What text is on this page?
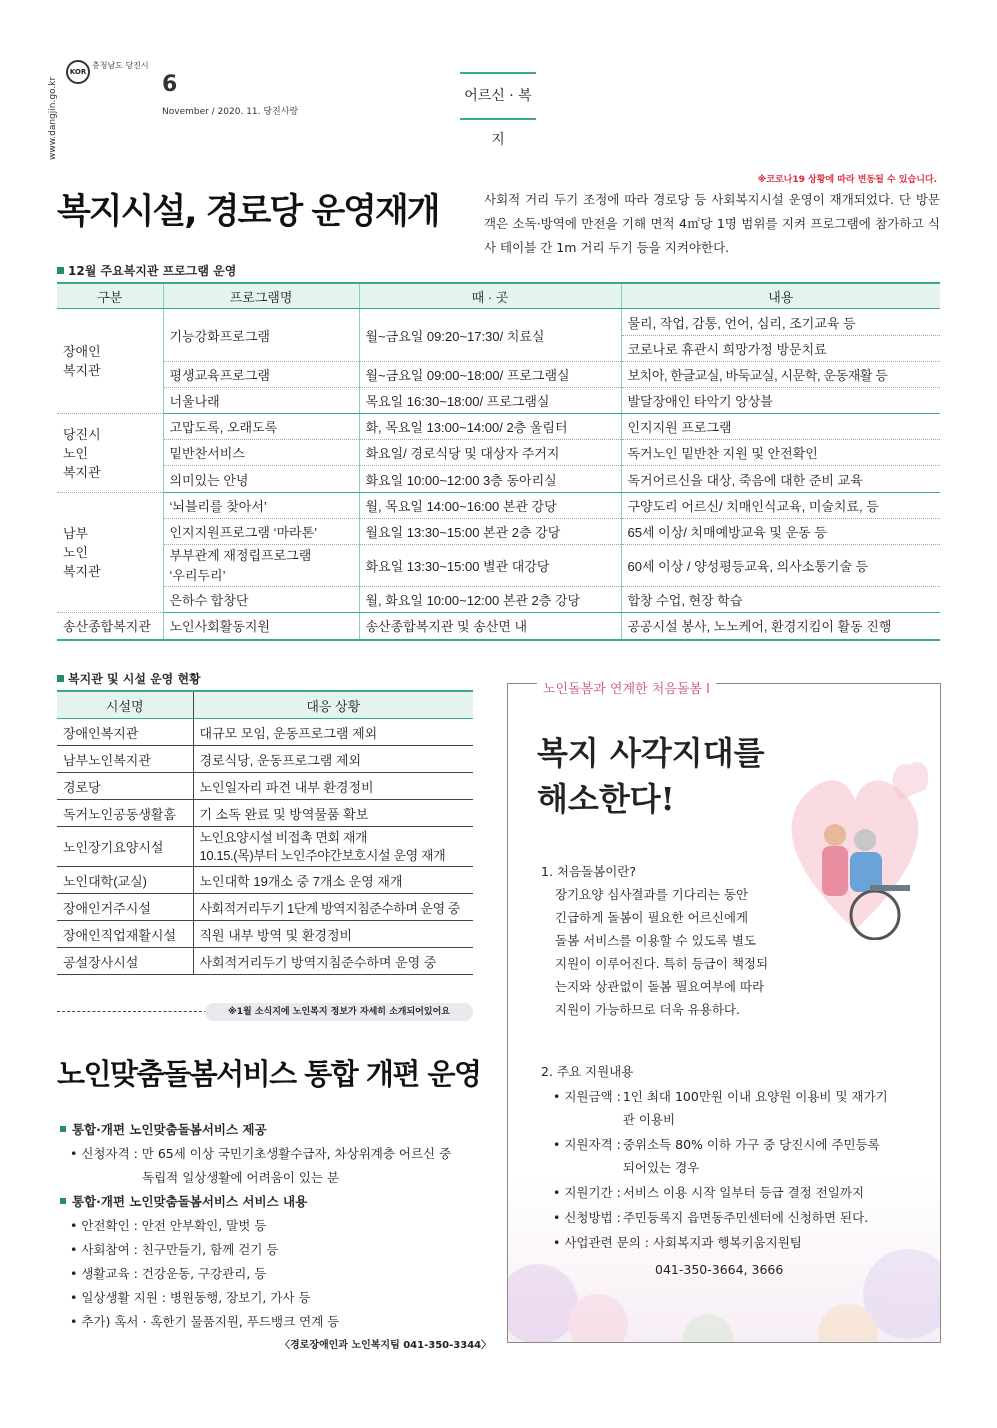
KOR
충청남도 당진시
www.dangjin.go.kr	6
November / 2020. 11. 당진사랑
어르신 · 복지
※코로나19 상황에 따라 변동될 수 있습니다.
복지시설, 경로당 운영재개	사회적 거리 두기 조정에 따라 경로당 등 사회복지시설 운영이 재개되었다. 단 방문객은 소독·방역에 만전을 기해 면적 4㎡당 1명 범위를 지켜 프로그램에 참가하고 식사 테이블 간 1m 거리 두기 등을 지켜야한다.
12월 주요복지관 프로그램 운영
구분	프로그램명	때 · 곳	내용
장애인
복지관	기능강화프로그램	월~금요일 09:20~17:30/ 치료실	물리, 작업, 감통, 언어, 심리, 조기교육 등
			코로나로 휴관시 희망가정 방문치료
	평생교육프로그램	월~금요일 09:00~18:00/ 프로그램실	보치아, 한글교실, 바둑교실, 시문학, 운동재활 등
	너울나래	목요일 16:30~18:00/ 프로그램실	발달장애인 타악기 앙상블
당진시
노인
복지관	고맙도록, 오래도록	화, 목요일 13:00~14:00/ 2층 울림터	인지지원 프로그램
	밑반찬서비스	화요일/ 경로식당 및 대상자 주거지	독거노인 밑반찬 지원 및 안전확인
	의미있는 안녕	화요일 10:00~12:00 3층 동아리실	독거어르신을 대상, 죽음에 대한 준비 교육
남부
노인
복지관	‘뇌블리를 찾아서’	월, 목요일 14:00~16:00 본관 강당	구양도리 어르신/ 치매인식교육, 미술치료, 등
	인지지원프로그램 ‘마라톤’	월요일 13:30~15:00 본관 2층 강당	65세 이상/ 치매예방교육 및 운동 등
	부부관계 재정립프로그램
‘우리두리’	화요일 13:30~15:00 별관 대강당	60세 이상 / 양성평등교육, 의사소통기술 등
	은하수 합창단	월, 화요일 10:00~12:00 본관 2층 강당	합창 수업, 현장 학습
송산종합복지관	노인사회활동지원	송산종합복지관 및 송산면 내	공공시설 봉사, 노노케어, 환경지킴이 활동 진행
복지관 및 시설 운영 현황
시설명	대응 상황
장애인복지관	대규모 모임, 운동프로그램 제외
남부노인복지관	경로식당, 운동프로그램 제외
경로당	노인일자리 파견 내부 환경정비
독거노인공동생활홈	기 소독 완료 및 방역물품 확보
노인장기요양시설	노인요양시설 비접촉 면회 재개
10.15.(목)부터 노인주야간보호시설 운영 재개
노인대학(교실)	노인대학 19개소 중 7개소 운영 재개
장애인거주시설	사회적거리두기 1단계 방역지침준수하며 운영 중
장애인직업재활시설	직원 내부 방역 및 환경정비
공설장사시설	사회적거리두기 방역지침준수하며 운영 중
※1월 소식지에 노인복지 정보가 자세히 소개되어있어요
노인맞춤돌봄서비스 통합 개편 운영
통합·개편 노인맞춤돌봄서비스 제공
• 신청자격 : 만 65세 이상 국민기초생활수급자, 차상위계층 어르신 중
독립적 일상생활에 어려움이 있는 분
통합·개편 노인맞춤돌봄서비스 서비스 내용
• 안전확인 : 안전 안부확인, 말벗 등
• 사회참여 : 친구만들기, 함께 걷기 등
• 생활교육 : 건강운동, 구강관리, 등
• 일상생활 지원 : 병원동행, 장보기, 가사 등
• 추가) 혹서 · 혹한기 물품지원, 푸드뱅크 연계 등
〈경로장애인과 노인복지팀 041-350-3344〉
노인돌봄과 연계한 처음돌봄 l
복지 사각지대를
해소한다!
1. 처음돌봄이란?
장기요양 심사결과를 기다리는 동안
긴급하게 돌봄이 필요한 어르신에게
돌봄 서비스를 이용할 수 있도록 별도
지원이 이루어진다. 특히 등급이 책정되
는지와 상관없이 돌봄 필요여부에 따라
지원이 가능하므로 더욱 유용하다.
2. 주요 지원내용
• 지원금액 : 1인 최대 100만원 이내 요양원 이용비 및 재가기
관 이용비
• 지원자격 : 중위소득 80% 이하 가구 중 당진시에 주민등록
되어있는 경우
• 지원기간 : 서비스 이용 시작 일부터 등급 결정 전일까지
• 신청방법 : 주민등록지 읍면동주민센터에 신청하면 된다.
• 사업관련 문의 : 사회복지과 행복키움지원팀
041-350-3664, 3666
